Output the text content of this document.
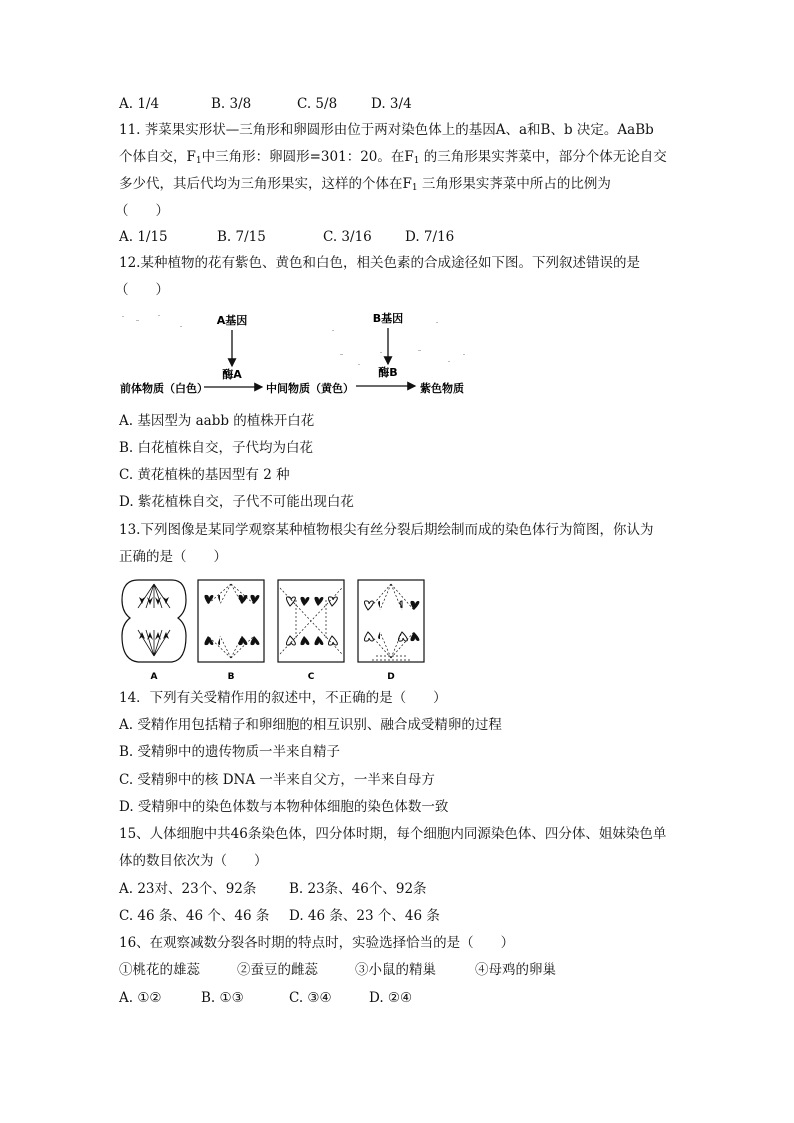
A. 1/4	B. 3/8	C. 5/8	D. 3/4
11. 荠菜果实形状—三角形和卵圆形由位于两对染色体上的基因A、a和B、b 决定。AaBb
个体自交，$F_1$中三角形：卵圆形=301：20。在$F_1$ 的三角形果实荠菜中，部分个体无论自交
多少代，其后代均为三角形果实，这样的个体在$F_1$ 三角形果实荠菜中所占的比例为
（　　）
A. 1/15	B. 7/15	C. 3/16 D. 7/16
12.某种植物的花有紫色、黄色和白色，相关色素的合成途径如下图。下列叙述错误的是
（　　）
A基因	B基因
酶A	酶B
前体物质（白色）	中间物质（黄色）	紫色物质
A. 基因型为 aabb 的植株开白花
B. 白花植株自交，子代均为白花
C. 黄花植株的基因型有 2 种
D. 紫花植株自交，子代不可能出现白花
13.下列图像是某同学观察某种植物根尖有丝分裂后期绘制而成的染色体行为简图，你认为
正确的是（　　）
A	B	C	D
14．下列有关受精作用的叙述中，不正确的是（　　）
A. 受精作用包括精子和卵细胞的相互识别、融合成受精卵的过程
B. 受精卵中的遗传物质一半来自精子
C. 受精卵中的核 DNA 一半来自父方，一半来自母方
D. 受精卵中的染色体数与本物种体细胞的染色体数一致
15、人体细胞中共46条染色体，四分体时期，每个细胞内同源染色体、四分体、姐妹染色单
体的数目依次为（　　）
A. 23对、23个、92条 B. 23条、46个、92条
C. 46 条、46 个、46 条 D. 46 条、23 个、46 条
16、在观察减数分裂各时期的特点时，实验选择恰当的是（　　）
①桃花的雄蕊	②蚕豆的雌蕊	③小鼠的精巢	④母鸡的卵巢
A. ①②	B. ①③	C. ③④	D. ②④
